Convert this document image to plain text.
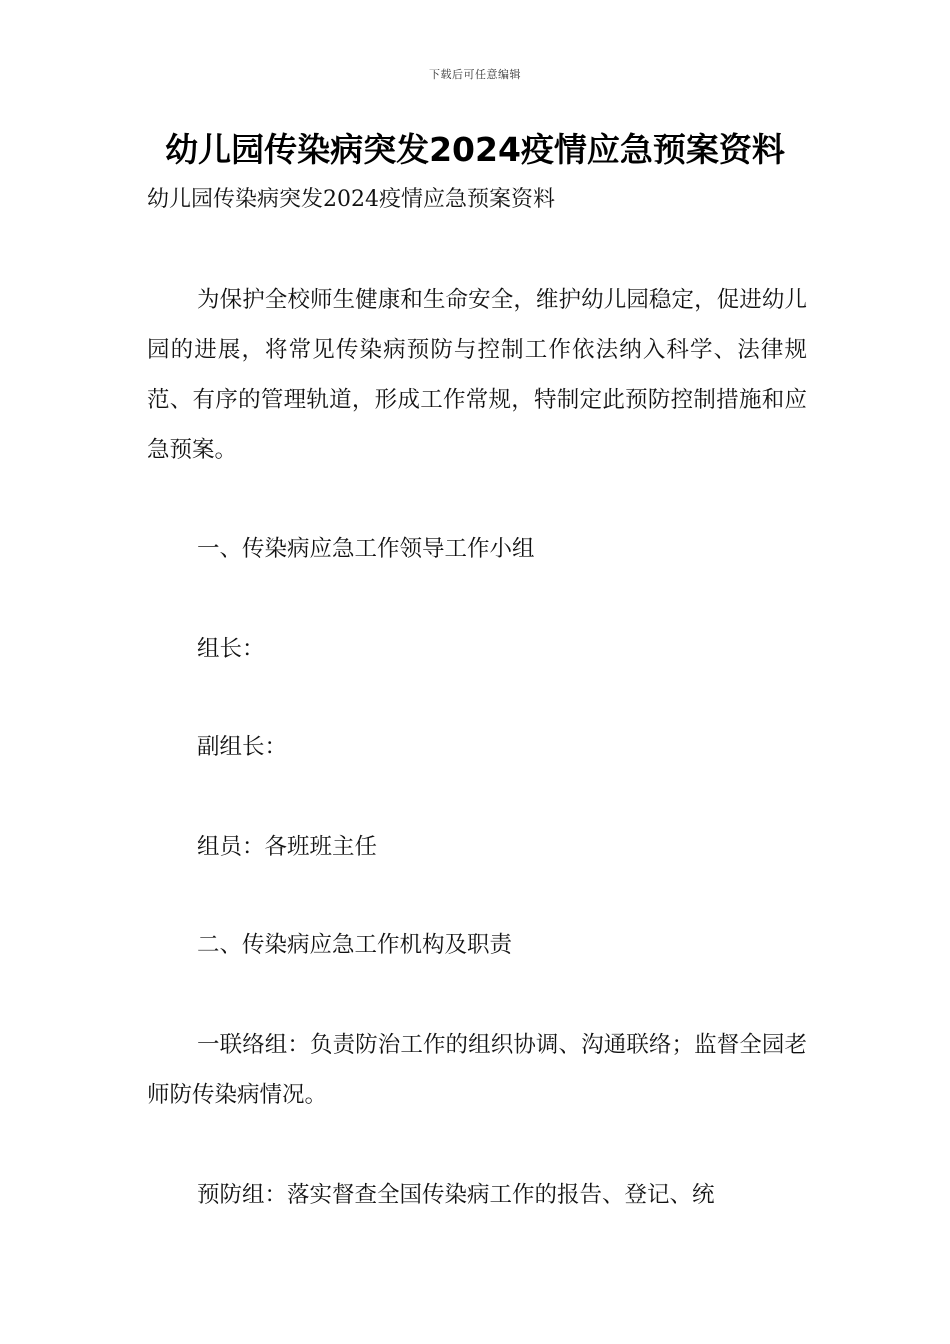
下载后可任意编辑
幼儿园传染病突发2024疫情应急预案资料
幼儿园传染病突发2024疫情应急预案资料

为保护全校师生健康和生命安全，维护幼儿园稳定，促进幼儿园的进展，将常见传染病预防与控制工作依法纳入科学、法律规范、有序的管理轨道，形成工作常规，特制定此预防控制措施和应急预案。

一、传染病应急工作领导工作小组

组长：

副组长：

组员：各班班主任

二、传染病应急工作机构及职责

一联络组：负责防治工作的组织协调、沟通联络；监督全园老师防传染病情况。

预防组：落实督查全国传染病工作的报告、登记、统
